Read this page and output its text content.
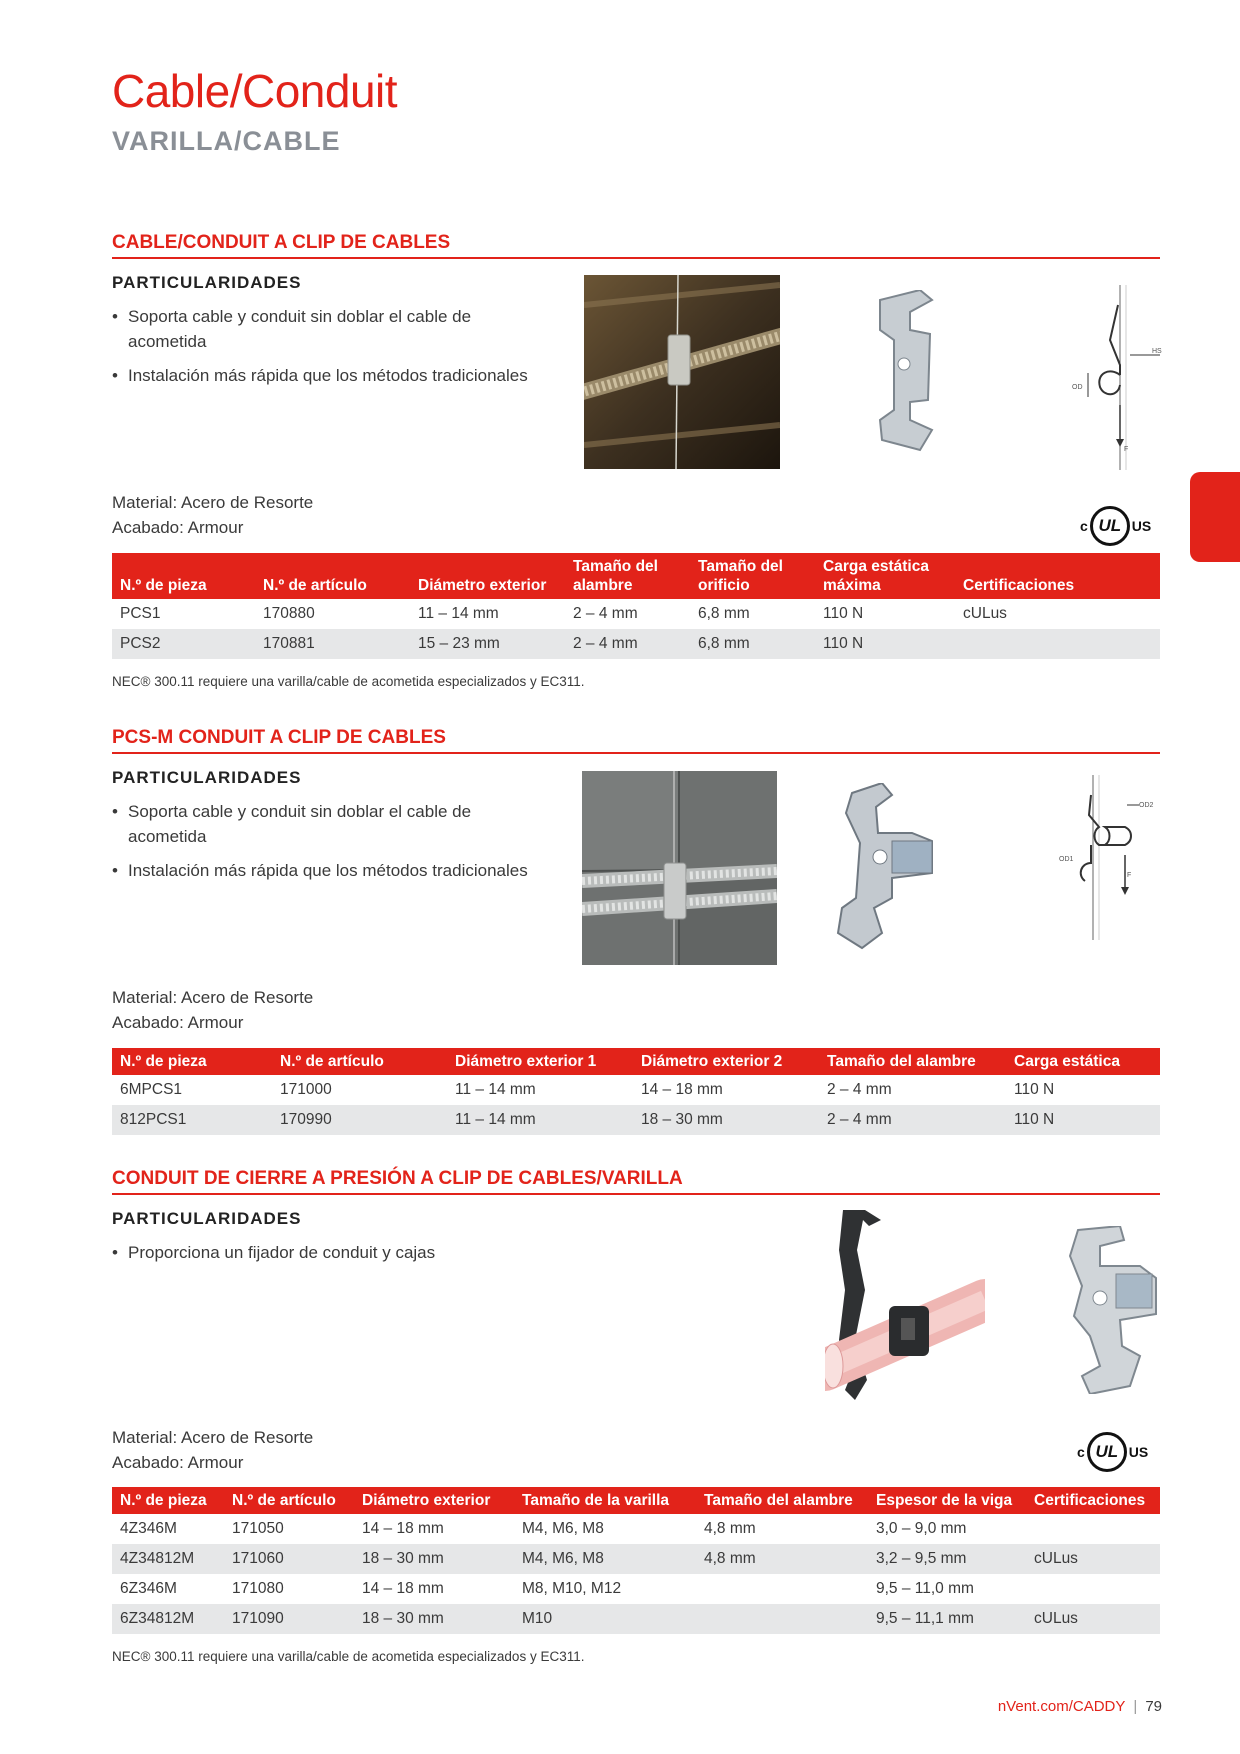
Cable/Conduit
VARILLA/CABLE
CABLE/CONDUIT A CLIP DE CABLES
PARTICULARIDADES
• Soporta cable y conduit sin doblar el cable de acometida
• Instalación más rápida que los métodos tradicionales
HS
OD
F
Material: Acero de Resorte
Acabado: Armour	c UL US
N.º de pieza	N.º de artículo	Diámetro exterior	Tamaño del alambre	Tamaño del orificio	Carga estática máxima	Certificaciones
PCS1	170880	11 – 14 mm	2 – 4 mm	6,8 mm	110 N	cULus
PCS2	170881	15 – 23 mm	2 – 4 mm	6,8 mm	110 N	
NEC® 300.11 requiere una varilla/cable de acometida especializados y EC311.
PCS-M CONDUIT A CLIP DE CABLES
PARTICULARIDADES
• Soporta cable y conduit sin doblar el cable de acometida
• Instalación más rápida que los métodos tradicionales
OD2
OD1
F
Material: Acero de Resorte
Acabado: Armour
N.º de pieza	N.º de artículo	Diámetro exterior 1	Diámetro exterior 2	Tamaño del alambre	Carga estática
6MPCS1	171000	11 – 14 mm	14 – 18 mm	2 – 4 mm	110 N
812PCS1	170990	11 – 14 mm	18 – 30 mm	2 – 4 mm	110 N
CONDUIT DE CIERRE A PRESIÓN A CLIP DE CABLES/VARILLA
PARTICULARIDADES
• Proporciona un fijador de conduit y cajas
Material: Acero de Resorte
Acabado: Armour
c UL US
N.º de pieza	N.º de artículo	Diámetro exterior	Tamaño de la varilla	Tamaño del alambre	Espesor de la viga	Certificaciones
4Z346M	171050	14 – 18 mm	M4, M6, M8	4,8 mm	3,0 – 9,0 mm	
4Z34812M	171060	18 – 30 mm	M4, M6, M8	4,8 mm	3,2 – 9,5 mm	cULus
6Z346M	171080	14 – 18 mm	M8, M10, M12		9,5 – 11,0 mm	
6Z34812M	171090	18 – 30 mm	M10		9,5 – 11,1 mm	cULus
NEC® 300.11 requiere una varilla/cable de acometida especializados y EC311.
nVent.com/CADDY | 79
